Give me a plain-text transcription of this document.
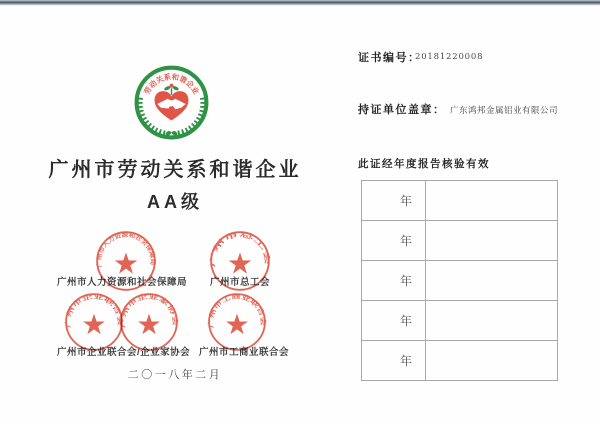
劳动关系和谐企业
广州市劳动关系和谐企业
AA级
广州市人力资源和社会保障局 广州市总工会
广州市企业联合会/企业家协会 广州市工商业联合会
广州市人力资源和社会保障局	广州市总工会
广州市企业联合会
广州市企业家协会
广州市工商业联合会
二〇一八年二月
证书编号：
20181220008
持证单位盖章： 广东鸿邦金属铝业有限公司
此证经年度报告核验有效
年
年
年
年
年
